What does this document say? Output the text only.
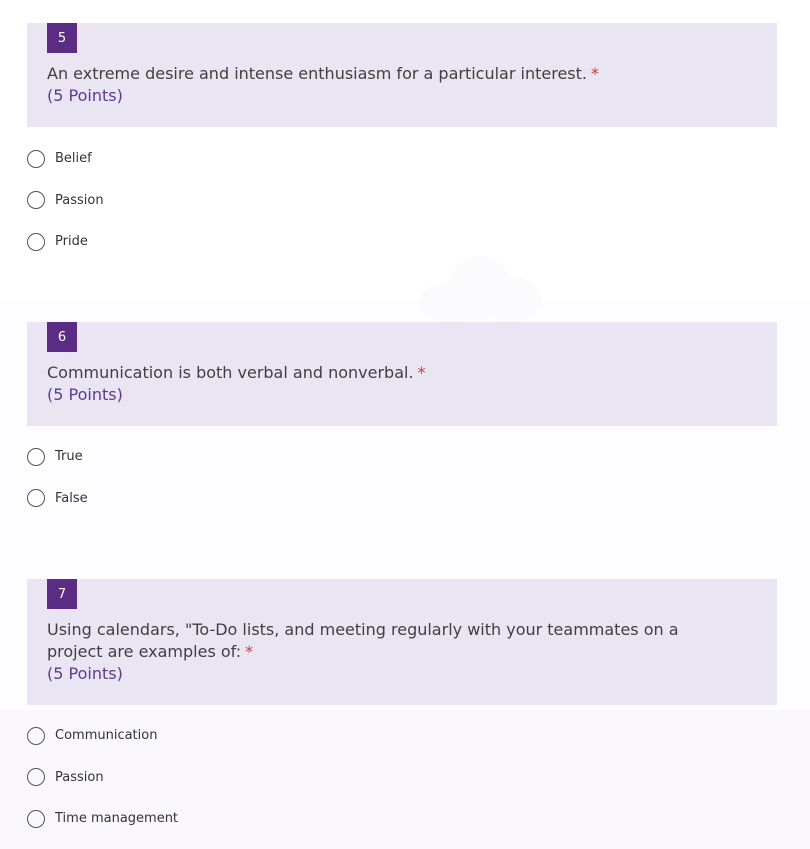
5
An extreme desire and intense enthusiasm for a particular interest. *
(5 Points)
Belief
Passion
Pride
6
Communication is both verbal and nonverbal. *
(5 Points)
True
False
7
Using calendars, "To-Do lists, and meeting regularly with your teammates on a project are examples of: *
(5 Points)
Communication
Passion
Time management
